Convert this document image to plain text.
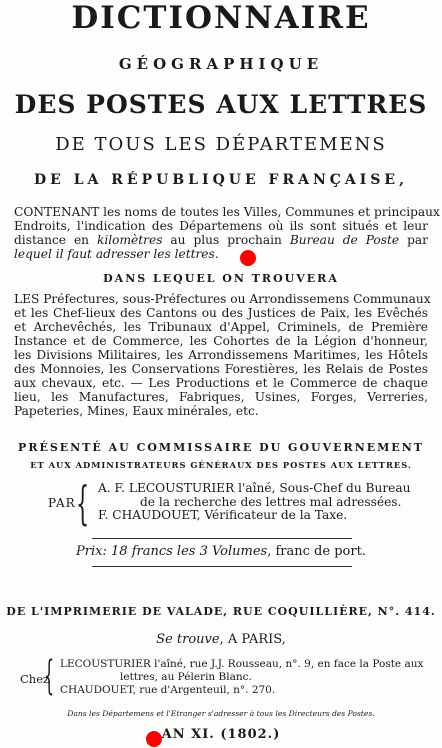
DICTIONNAIRE
GÉOGRAPHIQUE
DES POSTES AUX LETTRES
DE TOUS LES DÉPARTEMENS
DE LA RÉPUBLIQUE FRANÇAISE,
CONTENANT les noms de toutes les Villes, Communes et principaux
Endroits, l'indication des Départemens où ils sont situés et leur
distance en kilomètres au plus prochain Bureau de Poste par
lequel il faut adresser les lettres.
DANS LEQUEL ON TROUVERA
LES Préfectures, sous-Préfectures ou Arrondissemens Communaux
et les Chef-lieux des Cantons ou des Justices de Paix, les Evêchés
et Archevêchés, les Tribunaux d'Appel, Criminels, de Première
Instance et de Commerce, les Cohortes de la Légion d'honneur,
les Divisions Militaires, les Arrondissemens Maritimes, les Hôtels
des Monnoies, les Conservations Forestières, les Relais de Postes
aux chevaux, etc. — Les Productions et le Commerce de chaque
lieu, les Manufactures, Fabriques, Usines, Forges, Verreries,
Papeteries, Mines, Eaux minérales, etc.
PRÉSENTÉ AU COMMISSAIRE DU GOUVERNEMENT
ET AUX ADMINISTRATEURS GÉNÉRAUX DES POSTES AUX LETTRES.
PAR { A. F. LECOUSTURIER l'aîné, Sous-Chef du Bureau
de la recherche des lettres mal adressées.
F. CHAUDOUET, Vérificateur de la Taxe.
Prix: 18 francs les 3 Volumes, franc de port.
DE L'IMPRIMERIE DE VALADE, RUE COQUILLIÈRE, N°. 414.
Se trouve, A PARIS,
Chez
{ LECOUSTURIER l'aîné, rue J.J. Rousseau, n°. 9, en face la Poste aux
lettres, au Pélerin Blanc.
CHAUDOUET, rue d'Argenteuil, n°. 270.
Dans les Départemens et l'Etranger s'adresser à tous les Directeurs des Postes.
AN XI. (1802.)
